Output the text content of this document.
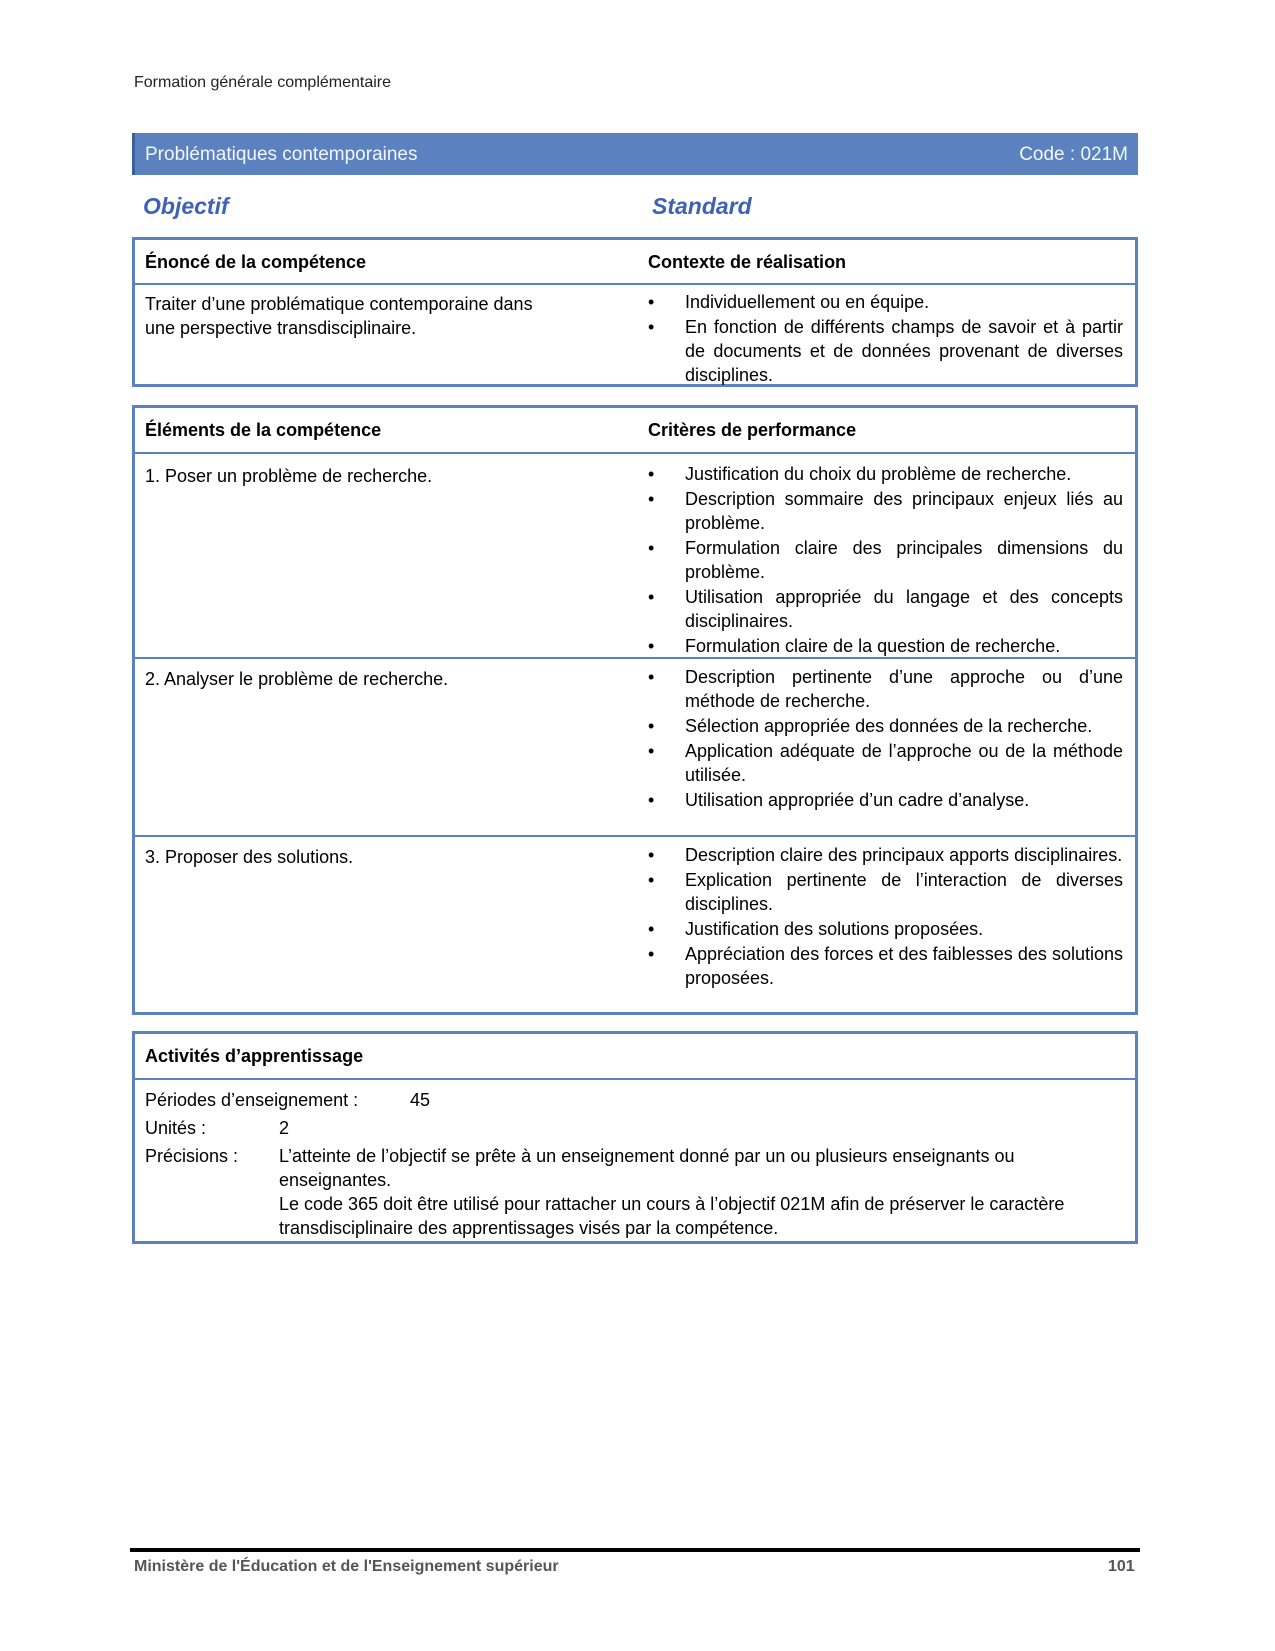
Formation générale complémentaire
Problématiques contemporaines	Code : 021M
Objectif	Standard
Énoncé de la compétence	Contexte de réalisation
Traiter d’une problématique contemporaine dans
une perspective transdisciplinaire.
• Individuellement ou en équipe.
• En fonction de différents champs de savoir et à partir de documents et de données provenant de diverses disciplines.
Éléments de la compétence	Critères de performance
1. Poser un problème de recherche.	• Justification du choix du problème de recherche.
• Description sommaire des principaux enjeux liés au problème.
• Formulation claire des principales dimensions du problème.
• Utilisation appropriée du langage et des concepts disciplinaires.
• Formulation claire de la question de recherche.
2. Analyser le problème de recherche.	• Description pertinente d’une approche ou d’une méthode de recherche.
• Sélection appropriée des données de la recherche.
• Application adéquate de l’approche ou de la méthode utilisée.
• Utilisation appropriée d’un cadre d’analyse.
3. Proposer des solutions.	• Description claire des principaux apports disciplinaires.
• Explication pertinente de l’interaction de diverses disciplines.
• Justification des solutions proposées.
• Appréciation des forces et des faiblesses des solutions proposées.
Activités d’apprentissage
Périodes d’enseignement :	45
Unités :	2
Précisions : L’atteinte de l’objectif se prête à un enseignement donné par un ou plusieurs enseignants ou enseignantes.
Le code 365 doit être utilisé pour rattacher un cours à l’objectif 021M afin de préserver le caractère transdisciplinaire des apprentissages visés par la compétence.
Ministère de l'Éducation et de l'Enseignement supérieur	101
